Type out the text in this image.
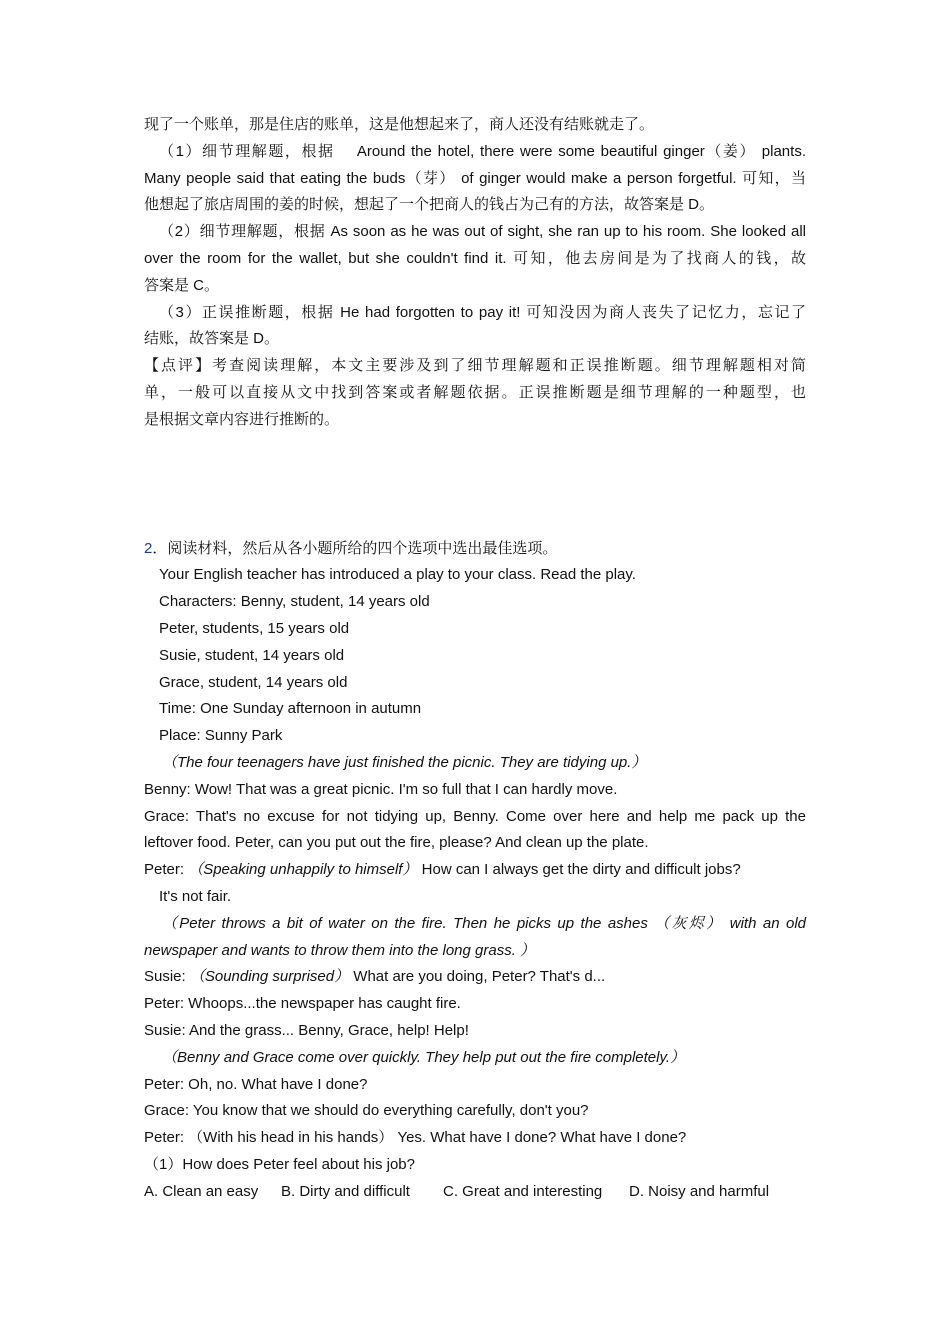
现了一个账单，那是住店的账单，这是他想起来了，商人还没有结账就走了。
（1）细节理解题，根据　 Around the hotel, there were some beautiful ginger（姜） plants.
Many people said that eating the buds（芽） of ginger would make a person forgetful. 可知，当
他想起了旅店周围的姜的时候，想起了一个把商人的钱占为己有的方法，故答案是 D。
（2）细节理解题，根据 As soon as he was out of sight, she ran up to his room. She looked all
over the room for the wallet, but she couldn't find it. 可知，他去房间是为了找商人的钱，故
答案是 C。
（3）正误推断题，根据 He had forgotten to pay it! 可知没因为商人丧失了记忆力，忘记了
结账，故答案是 D。
【点评】考查阅读理解，本文主要涉及到了细节理解题和正误推断题。细节理解题相对简
单，一般可以直接从文中找到答案或者解题依据。正误推断题是细节理解的一种题型，也
是根据文章内容进行推断的。
2．阅读材料，然后从各小题所给的四个选项中选出最佳选项。
Your English teacher has introduced a play to your class. Read the play.
Characters: Benny, student, 14 years old
Peter, students, 15 years old
Susie, student, 14 years old
Grace, student, 14 years old
Time: One Sunday afternoon in autumn
Place: Sunny Park
（The four teenagers have just finished the picnic. They are tidying up.）
Benny: Wow! That was a great picnic. I'm so full that I can hardly move.
Grace: That's no excuse for not tidying up, Benny. Come over here and help me pack up the
leftover food. Peter, can you put out the fire, please? And clean up the plate.
Peter: （Speaking unhappily to himself） How can I always get the dirty and difficult jobs?
It's not fair.
（Peter throws a bit of water on the fire. Then he picks up the ashes （灰烬） with an old
newspaper and wants to throw them into the long grass. ）
Susie: （Sounding surprised） What are you doing, Peter? That's d...
Peter: Whoops...the newspaper has caught fire.
Susie: And the grass... Benny, Grace, help! Help!
（Benny and Grace come over quickly. They help put out the fire completely.）
Peter: Oh, no. What have I done?
Grace: You know that we should do everything carefully, don't you?
Peter: （With his head in his hands） Yes. What have I done? What have I done?
（1）How does Peter feel about his job?
A. Clean an easy	B. Dirty and difficult	C. Great and interesting	D. Noisy and harmful
